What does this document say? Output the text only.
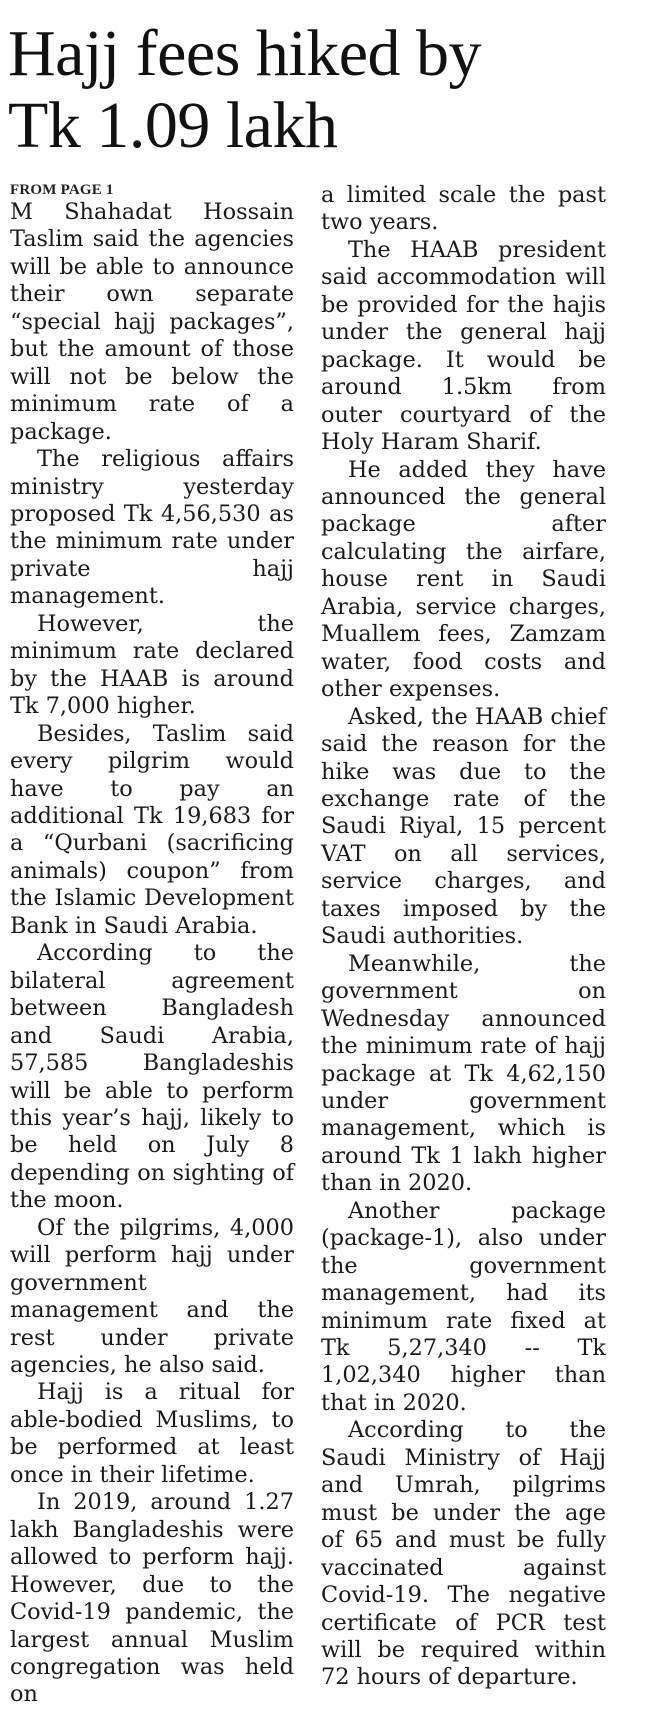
Hajj fees hiked by
Tk 1.09 lakh
FROM PAGE 1

M Shahadat Hossain Taslim said the agencies will be able to announce their own separate “special hajj packages”, but the amount of those will not be below the minimum rate of a package.

The religious affairs ministry yesterday proposed Tk 4,56,530 as the minimum rate under private hajj management.

However, the minimum rate declared by the HAAB is around Tk 7,000 higher.

Besides, Taslim said every pilgrim would have to pay an additional Tk 19,683 for a “Qurbani (sacrificing animals) coupon” from the Islamic Development Bank in Saudi Arabia.

According to the bilateral agreement between Bangladesh and Saudi Arabia, 57,585 Bangladeshis will be able to perform this year’s hajj, likely to be held on July 8 depending on sighting of the moon.

Of the pilgrims, 4,000 will perform hajj under government management and the rest under private agencies, he also said.

Hajj is a ritual for able-bodied Muslims, to be performed at least once in their lifetime.

In 2019, around 1.27 lakh Bangladeshis were allowed to perform hajj. However, due to the Covid-19 pandemic, the largest annual Muslim congregation was held on

a limited scale the past two years.

The HAAB president said accommodation will be provided for the hajis under the general hajj package. It would be around 1.5km from outer courtyard of the Holy Haram Sharif.

He added they have announced the general package after calculating the airfare, house rent in Saudi Arabia, service charges, Muallem fees, Zamzam water, food costs and other expenses.

Asked, the HAAB chief said the reason for the hike was due to the exchange rate of the Saudi Riyal, 15 percent VAT on all services, service charges, and taxes imposed by the Saudi authorities.

Meanwhile, the government on Wednesday announced the minimum rate of hajj package at Tk 4,62,150 under government management, which is around Tk 1 lakh higher than in 2020.

Another package (package-1), also under the government management, had its minimum rate fixed at Tk 5,27,340 -- Tk 1,02,340 higher than that in 2020.

According to the Saudi Ministry of Hajj and Umrah, pilgrims must be under the age of 65 and must be fully vaccinated against Covid-19. The negative certificate of PCR test will be required within 72 hours of departure.
